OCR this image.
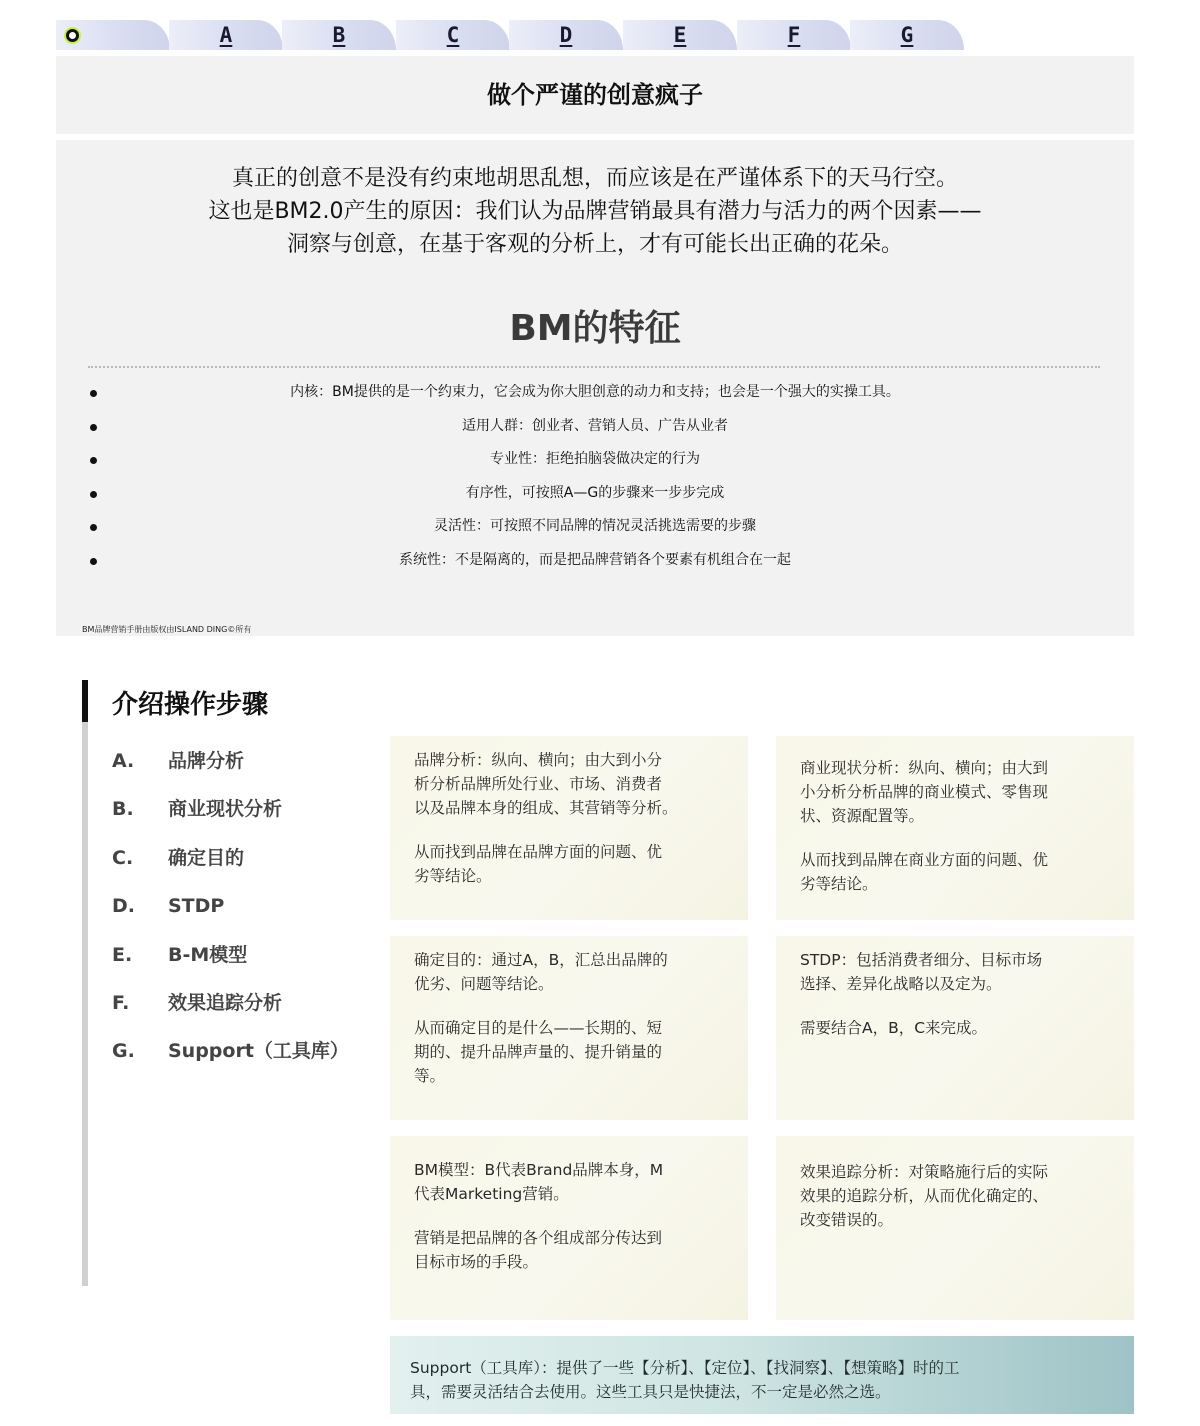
A	B	C	D	E	F	G
做个严谨的创意疯子
真正的创意不是没有约束地胡思乱想，而应该是在严谨体系下的天马行空。
这也是BM2.0产生的原因：我们认为品牌营销最具有潜力与活力的两个因素——
洞察与创意，在基于客观的分析上，才有可能长出正确的花朵。
BM的特征
内核：BM提供的是一个约束力，它会成为你大胆创意的动力和支持；也会是一个强大的实操工具。
适用人群：创业者、营销人员、广告从业者
专业性：拒绝拍脑袋做决定的行为
有序性，可按照A—G的步骤来一步步完成
灵活性：可按照不同品牌的情况灵活挑选需要的步骤
系统性：不是隔离的，而是把品牌营销各个要素有机组合在一起
BM品牌营销手册由版权由ISLAND DING©所有
介绍操作步骤
A. 品牌分析
B. 商业现状分析
C. 确定目的
D. STDP
E. B-M模型
F. 效果追踪分析
G. Support（工具库）

品牌分析：纵向、横向；由大到小分
析分析品牌所处行业、市场、消费者
以及品牌本身的组成、其营销等分析。

从而找到品牌在品牌方面的问题、优
劣等结论。

商业现状分析：纵向、横向；由大到
小分析分析品牌的商业模式、零售现
状、资源配置等。

从而找到品牌在商业方面的问题、优
劣等结论。

确定目的：通过A，B，汇总出品牌的
优劣、问题等结论。

从而确定目的是什么——长期的、短
期的、提升品牌声量的、提升销量的
等。

STDP：包括消费者细分、目标市场
选择、差异化战略以及定为。

需要结合A，B，C来完成。

BM模型：B代表Brand品牌本身，M
代表Marketing营销。

营销是把品牌的各个组成部分传达到
目标市场的手段。

效果追踪分析：对策略施行后的实际
效果的追踪分析，从而优化确定的、
改变错误的。

Support（工具库）：提供了一些【分析】、【定位】、【找洞察】、【想策略】时的工
具，需要灵活结合去使用。这些工具只是快捷法，不一定是必然之选。
